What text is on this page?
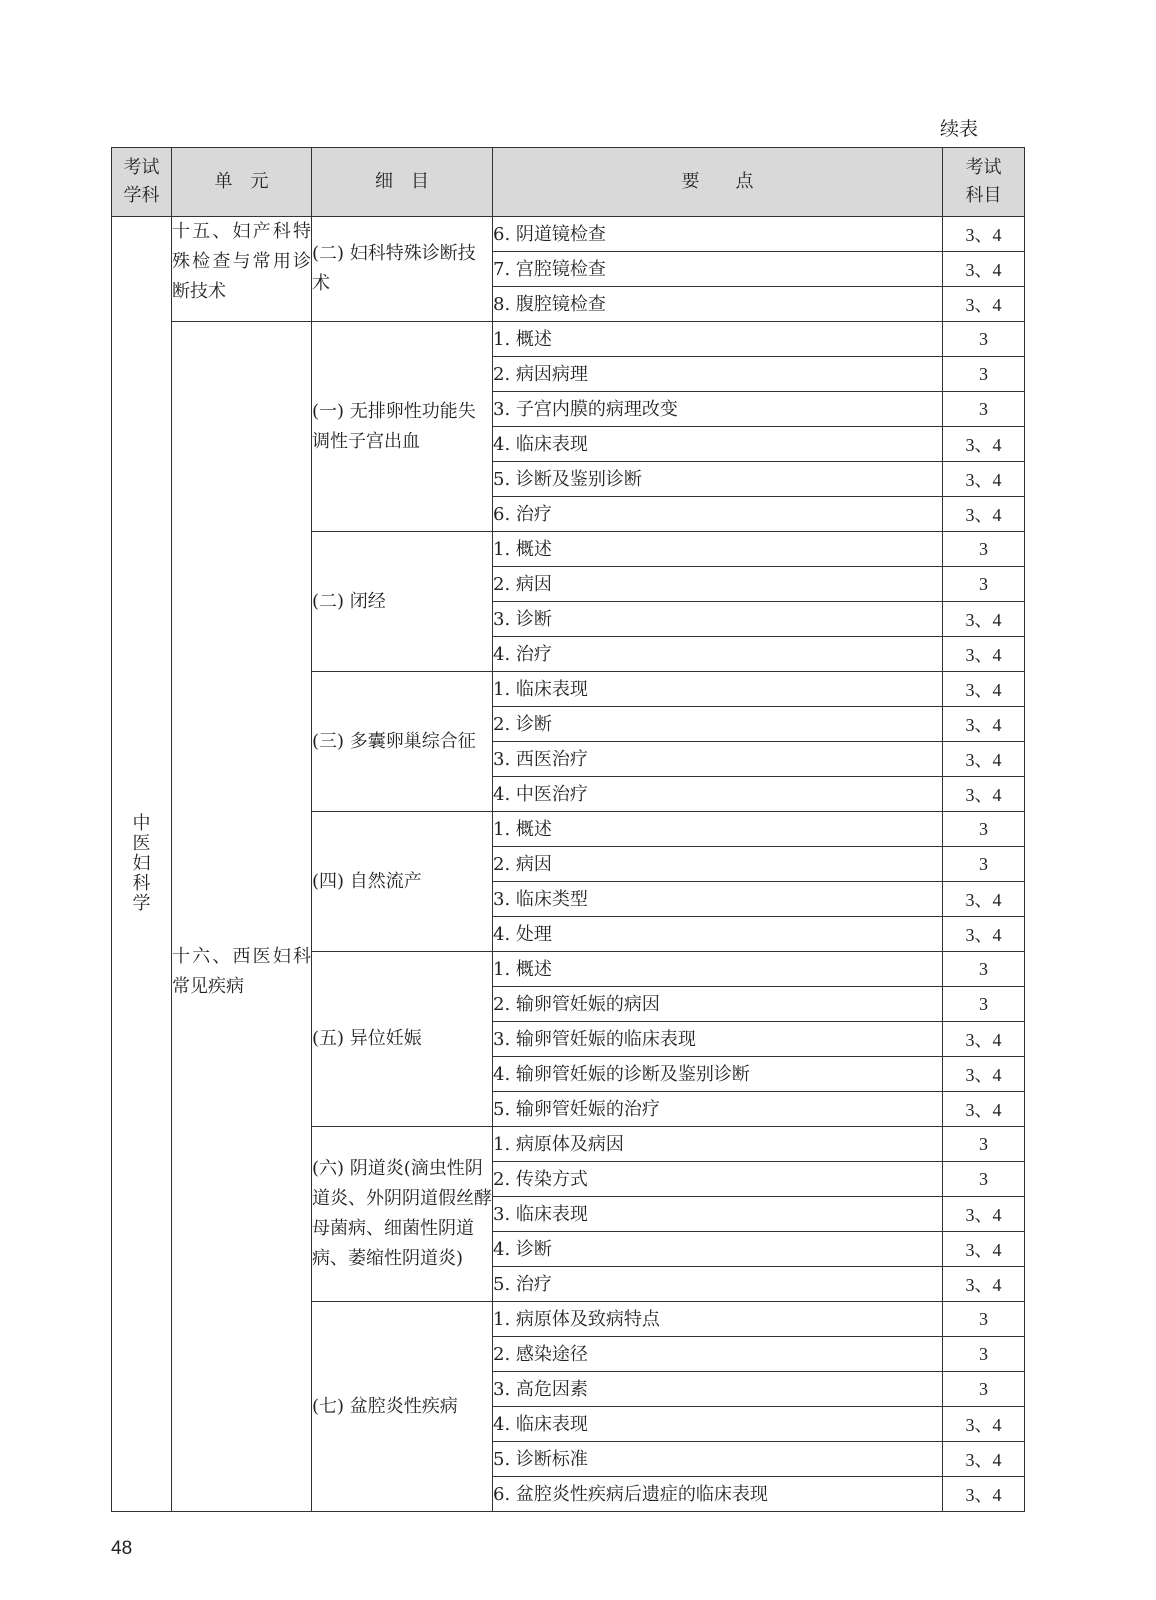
续表
考试学科	单　元	细　目	要　　点	考试科目
中医妇科学	十五、妇产科特殊检查与常用诊断技术	(二) 妇科特殊诊断技术	6. 阴道镜检查	3、4
			7. 宫腔镜检查	3、4
			8. 腹腔镜检查	3、4
	十六、西医妇科常见疾病	(一) 无排卵性功能失调性子宫出血	1. 概述	3
			2. 病因病理	3
			3. 子宫内膜的病理改变	3
			4. 临床表现	3、4
			5. 诊断及鉴别诊断	3、4
			6. 治疗	3、4
		(二) 闭经	1. 概述	3
			2. 病因	3
			3. 诊断	3、4
			4. 治疗	3、4
		(三) 多囊卵巢综合征	1. 临床表现	3、4
			2. 诊断	3、4
			3. 西医治疗	3、4
			4. 中医治疗	3、4
		(四) 自然流产	1. 概述	3
			2. 病因	3
			3. 临床类型	3、4
			4. 处理	3、4
		(五) 异位妊娠	1. 概述	3
			2. 输卵管妊娠的病因	3
			3. 输卵管妊娠的临床表现	3、4
			4. 输卵管妊娠的诊断及鉴别诊断	3、4
			5. 输卵管妊娠的治疗	3、4
		(六) 阴道炎(滴虫性阴道炎、外阴阴道假丝酵母菌病、细菌性阴道病、萎缩性阴道炎)	1. 病原体及病因	3
			2. 传染方式	3
			3. 临床表现	3、4
			4. 诊断	3、4
			5. 治疗	3、4
		(七) 盆腔炎性疾病	1. 病原体及致病特点	3
			2. 感染途径	3
			3. 高危因素	3
			4. 临床表现	3、4
			5. 诊断标准	3、4
			6. 盆腔炎性疾病后遗症的临床表现	3、4
48
